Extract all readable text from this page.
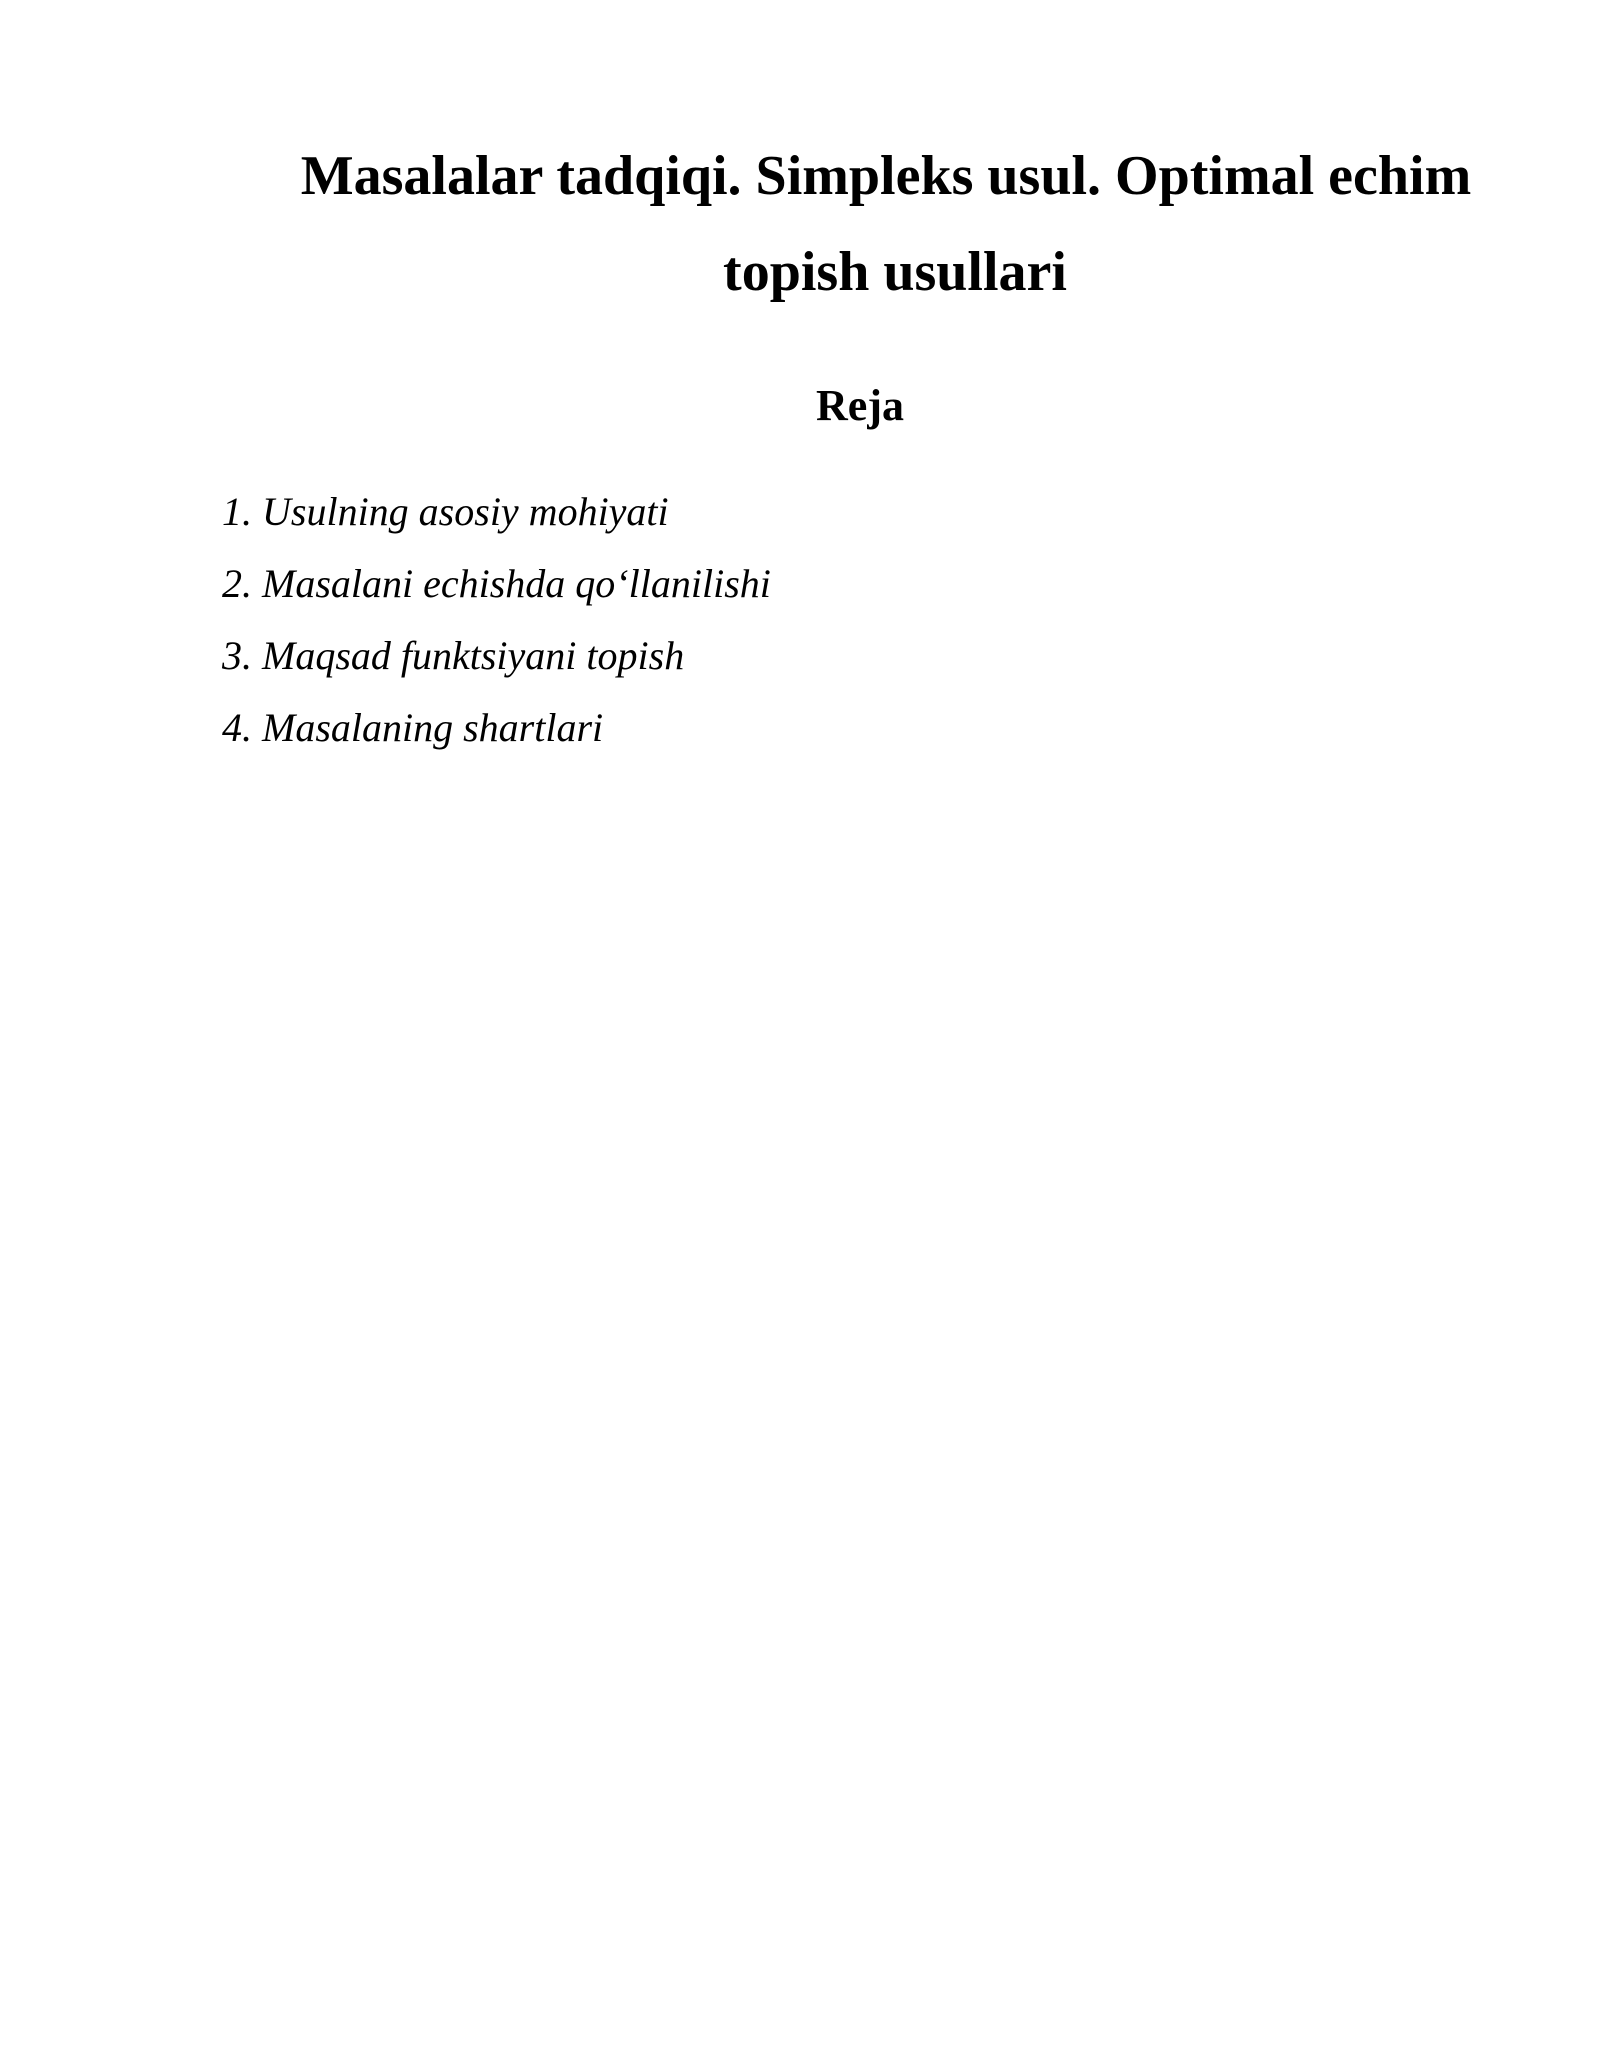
Masalalar tadqiqi. Simpleks usul. Optimal echim
topish usullari
Reja
1. Usulning asosiy mohiyati
2. Masalani echishda qo‘llanilishi
3. Maqsad funktsiyani topish
4. Masalaning shartlari
